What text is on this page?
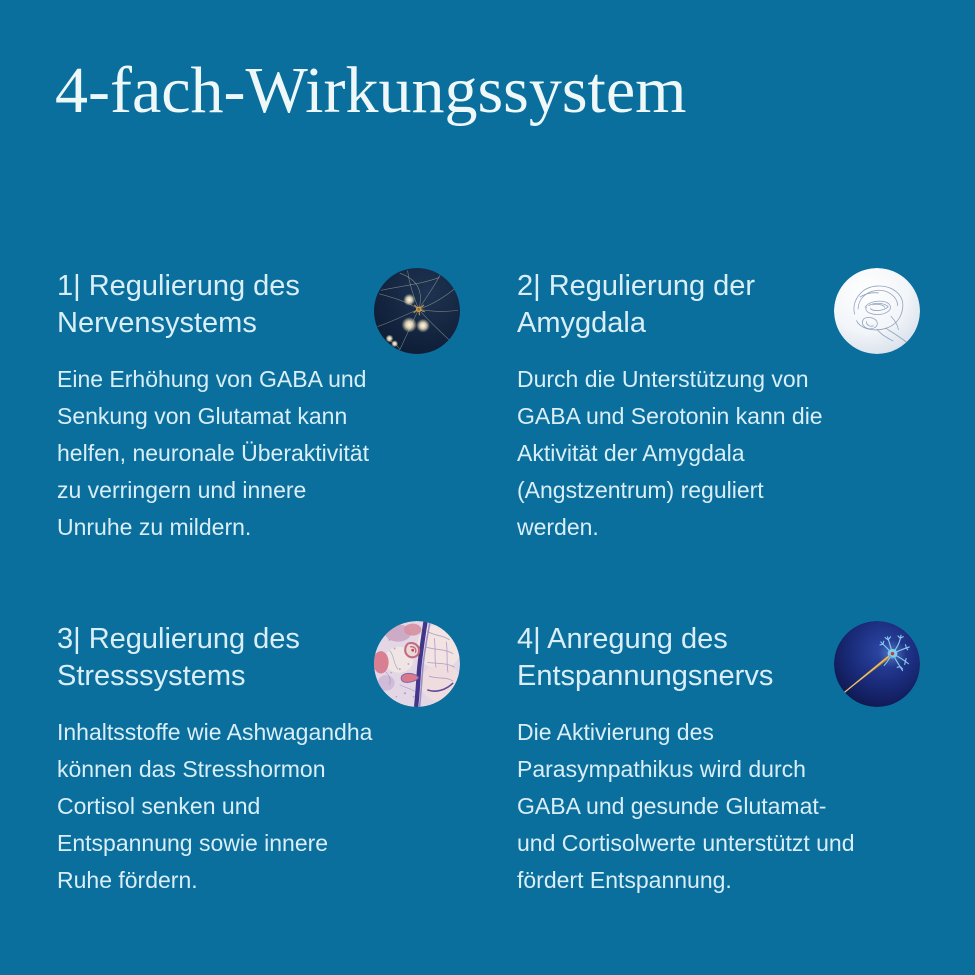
4-fach-Wirkungssystem
1| Regulierung des
Nervensystems
Eine Erhöhung von GABA und
Senkung von Glutamat kann
helfen, neuronale Überaktivität
zu verringern und innere
Unruhe zu mildern.
2| Regulierung der
Amygdala
Durch die Unterstützung von
GABA und Serotonin kann die
Aktivität der Amygdala
(Angstzentrum) reguliert
werden.
3| Regulierung des
Stresssystems
Inhaltsstoffe wie Ashwagandha
können das Stresshormon
Cortisol senken und
Entspannung sowie innere
Ruhe fördern.
4| Anregung des
Entspannungsnervs
Die Aktivierung des
Parasympathikus wird durch
GABA und gesunde Glutamat-
und Cortisolwerte unterstützt und
fördert Entspannung.
